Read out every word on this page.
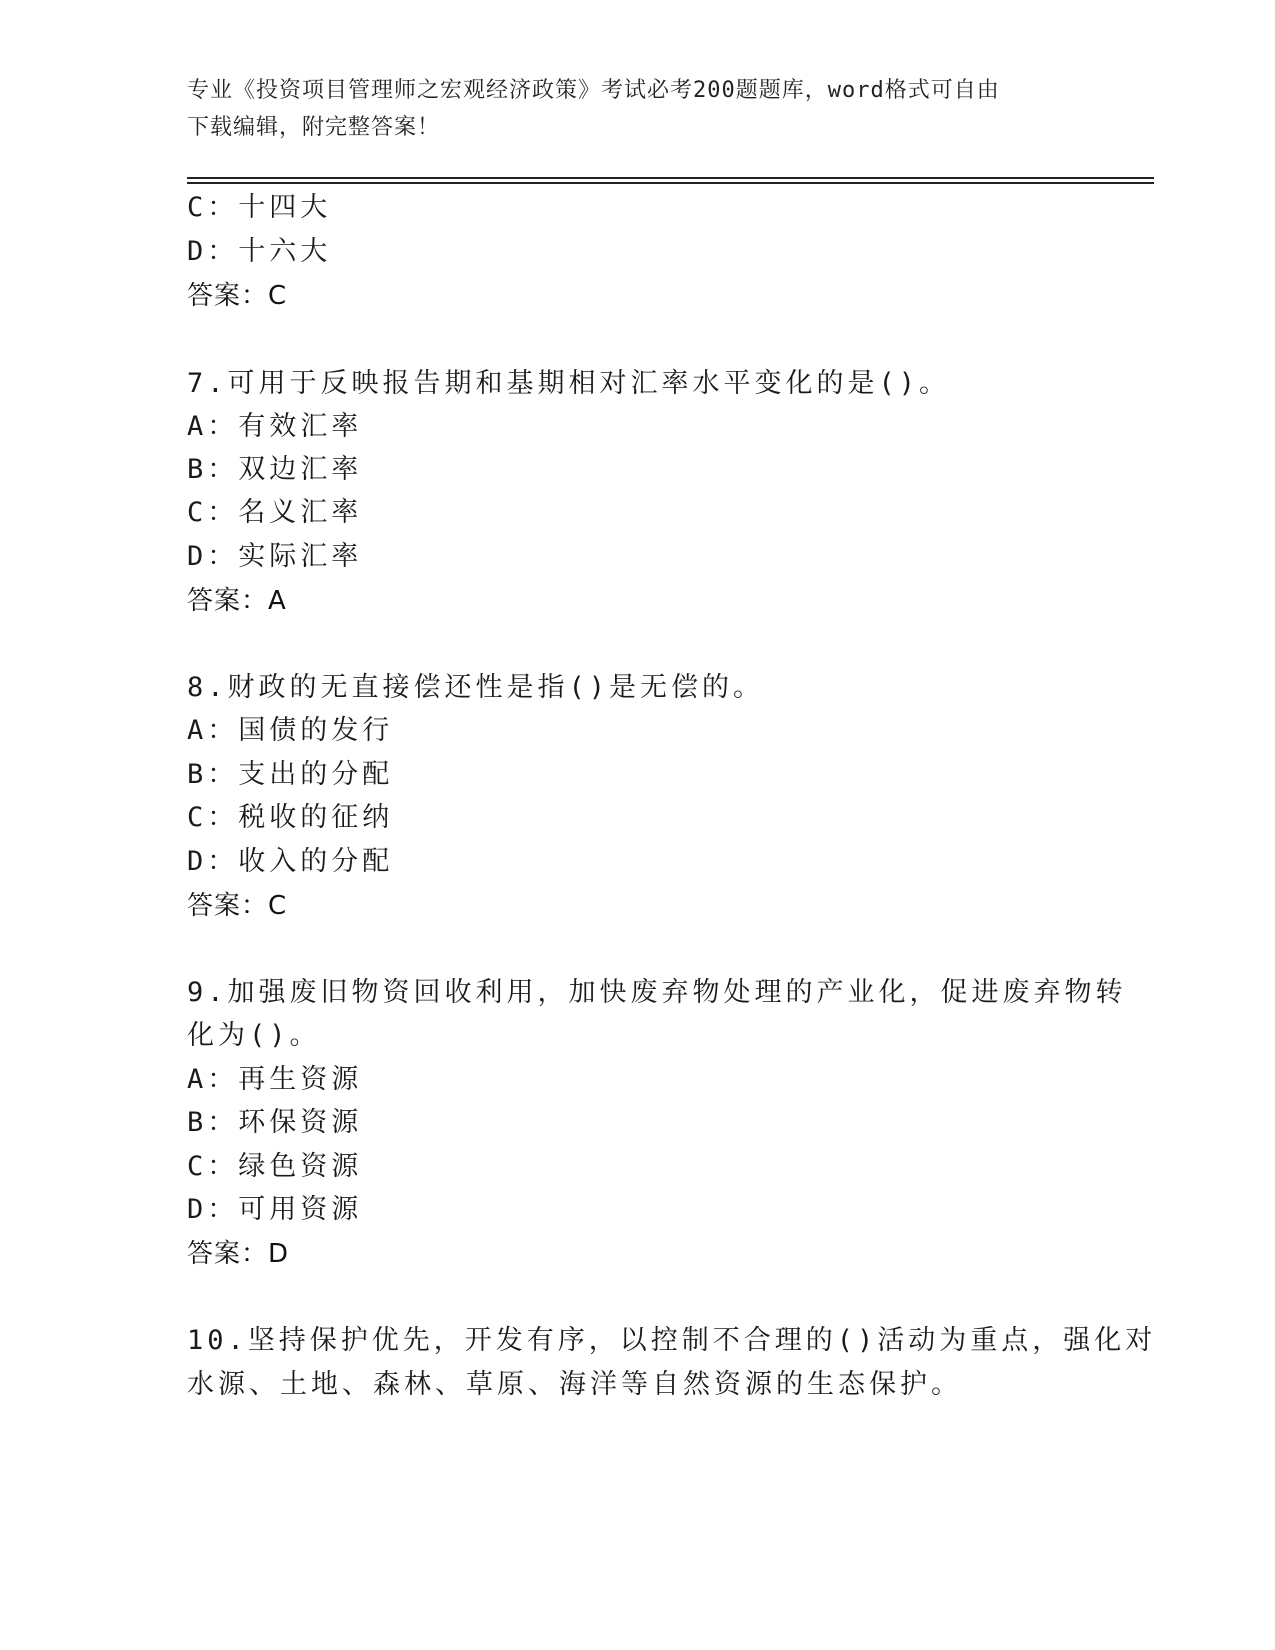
专业《投资项目管理师之宏观经济政策》考试必考200题题库，word格式可自由
下载编辑，附完整答案！
C：十四大
D：十六大
答案：C
7.可用于反映报告期和基期相对汇率水平变化的是()。
A：有效汇率
B：双边汇率
C：名义汇率
D：实际汇率
答案：A
8.财政的无直接偿还性是指()是无偿的。
A：国债的发行
B：支出的分配
C：税收的征纳
D：收入的分配
答案：C
9.加强废旧物资回收利用，加快废弃物处理的产业化，促进废弃物转
化为()。
A：再生资源
B：环保资源
C：绿色资源
D：可用资源
答案：D
10.坚持保护优先，开发有序，以控制不合理的()活动为重点，强化对
水源、土地、森林、草原、海洋等自然资源的生态保护。
